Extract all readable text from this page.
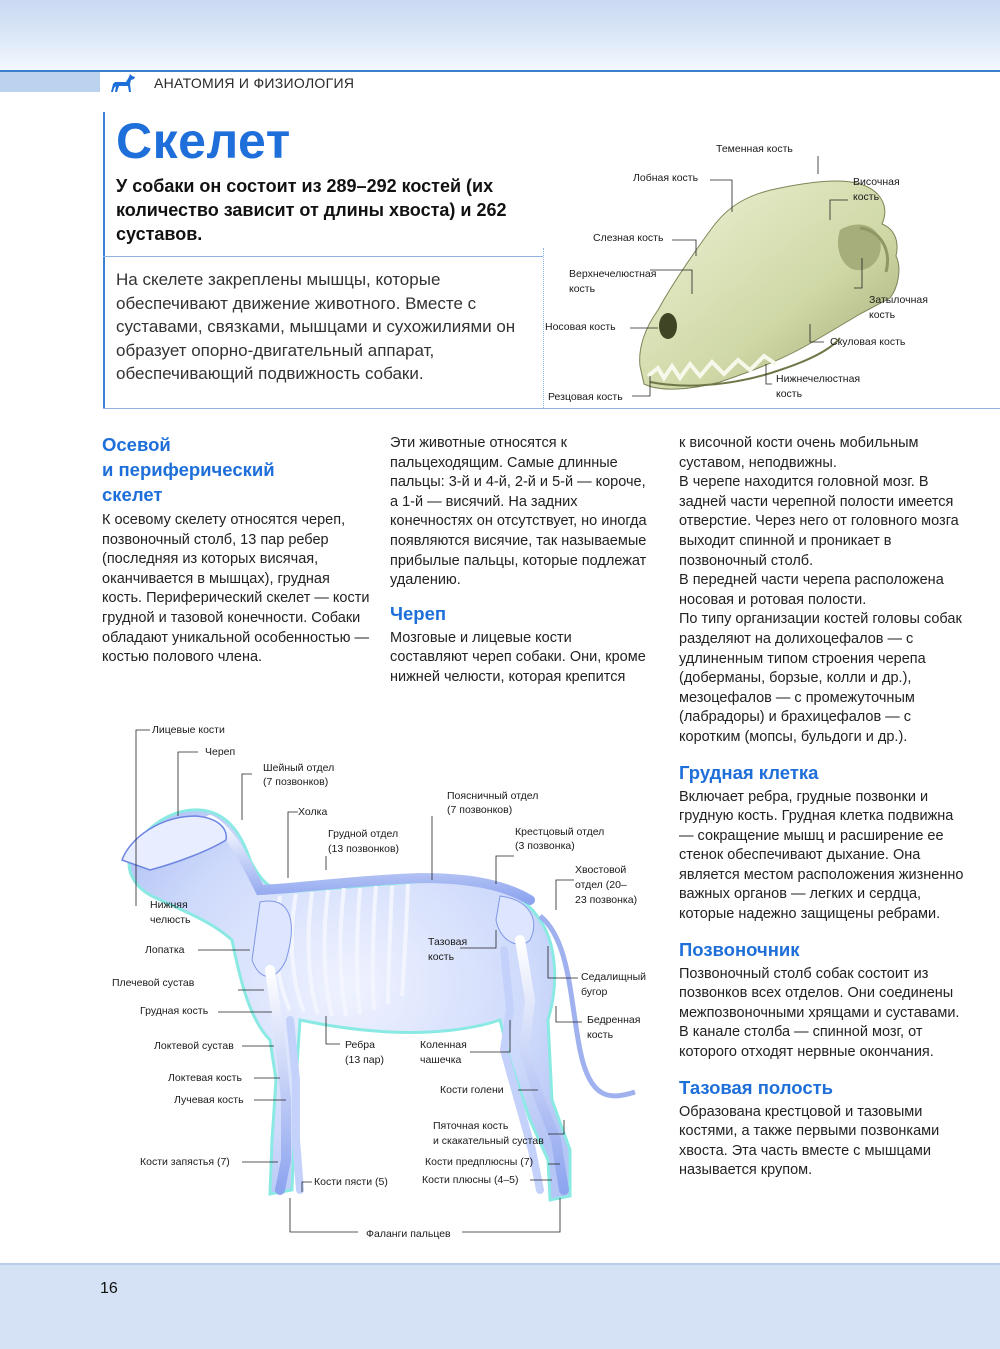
АНАТОМИЯ И ФИЗИОЛОГИЯ
Скелет
У собаки он состоит из 289–292 костей (их количество зависит от длины хвоста) и 262 суставов.
На скелете закреплены мышцы, которые обеспечивают движение животного. Вместе с суставами, связками, мышцами и сухожилиями он образует опорно-двигательный аппарат, обеспечивающий подвижность собаки.
Теменная кость
Лобная кость	Височная
кость
Слезная кость
Верхнечелюстная
кость
Затылочная
кость
Носовая кость
Скуловая кость
Нижнечелюстная
кость
Резцовая кость
Осевой
и периферический
скелет

К осевому скелету относятся череп, позвоночный столб, 13 пар ребер (последняя из которых висячая, оканчивается в мышцах), грудная кость. Периферический скелет — кости грудной и тазовой конечности. Собаки обладают уникальной особенностью — костью полового члена.

Эти животные относятся к пальцеходящим. Самые длинные пальцы: 3-й и 4-й, 2-й и 5-й — короче, а 1-й — висячий. На задних конечностях он отсутствует, но иногда появляются висячие, так называемые прибылые пальцы, которые подлежат удалению.

Череп

Мозговые и лицевые кости составляют череп собаки. Они, кроме нижней челюсти, которая крепится

к височной кости очень мобильным суставом, неподвижны.

В черепе находится головной мозг. В задней части черепной полости имеется отверстие. Через него от головного мозга выходит спинной и проникает в позвоночный столб.

В передней части черепа расположена носовая и ротовая полости.

По типу организации костей головы собак разделяют на долихоцефалов — с удлиненным типом строения черепа (доберманы, борзые, колли и др.), мезоцефалов — с промежуточным (лабрадоры) и брахицефалов — с коротким (мопсы, бульдоги и др.).

Грудная клетка

Включает ребра, грудные позвонки и грудную кость. Грудная клетка подвижна — сокращение мышц и расширение ее стенок обеспечивают дыхание. Она является местом расположения жизненно важных органов — легких и сердца, которые надежно защищены ребрами.

Позвоночник

Позвоночный столб собак состоит из позвонков всех отделов. Они соединены межпозвоночными хрящами и суставами. В канале столба — спинной мозг, от которого отходят нервные окончания.

Тазовая полость

Образована крестцовой и тазовыми костями, а также первыми позвонками хвоста. Эта часть вместе с мышцами называется крупом.

Лицевые кости
Череп
Шейный отдел
(7 позвонков)
Холка
Поясничный отдел
(7 позвонков)
Грудной отдел
(13 позвонков)
Крестцовый отдел
(3 позвонка)
Хвостовой
отдел (20–
23 позвонка)
Нижняя
челюсть
Лопатка
Тазовая
кость
Плечевой сустав	Седалищный
бугор
Грудная кость
Бедренная
кость
Локтевой сустав	Ребра
(13 пар)
Коленная
чашечка
Локтевая кость
Кости голени
Лучевая кость
Пяточная кость
и скакательный сустав
Кости запястья (7)	Кости предплюсны (7)
Кости пясти (5)	Кости плюсны (4–5)
Фаланги пальцев
16
